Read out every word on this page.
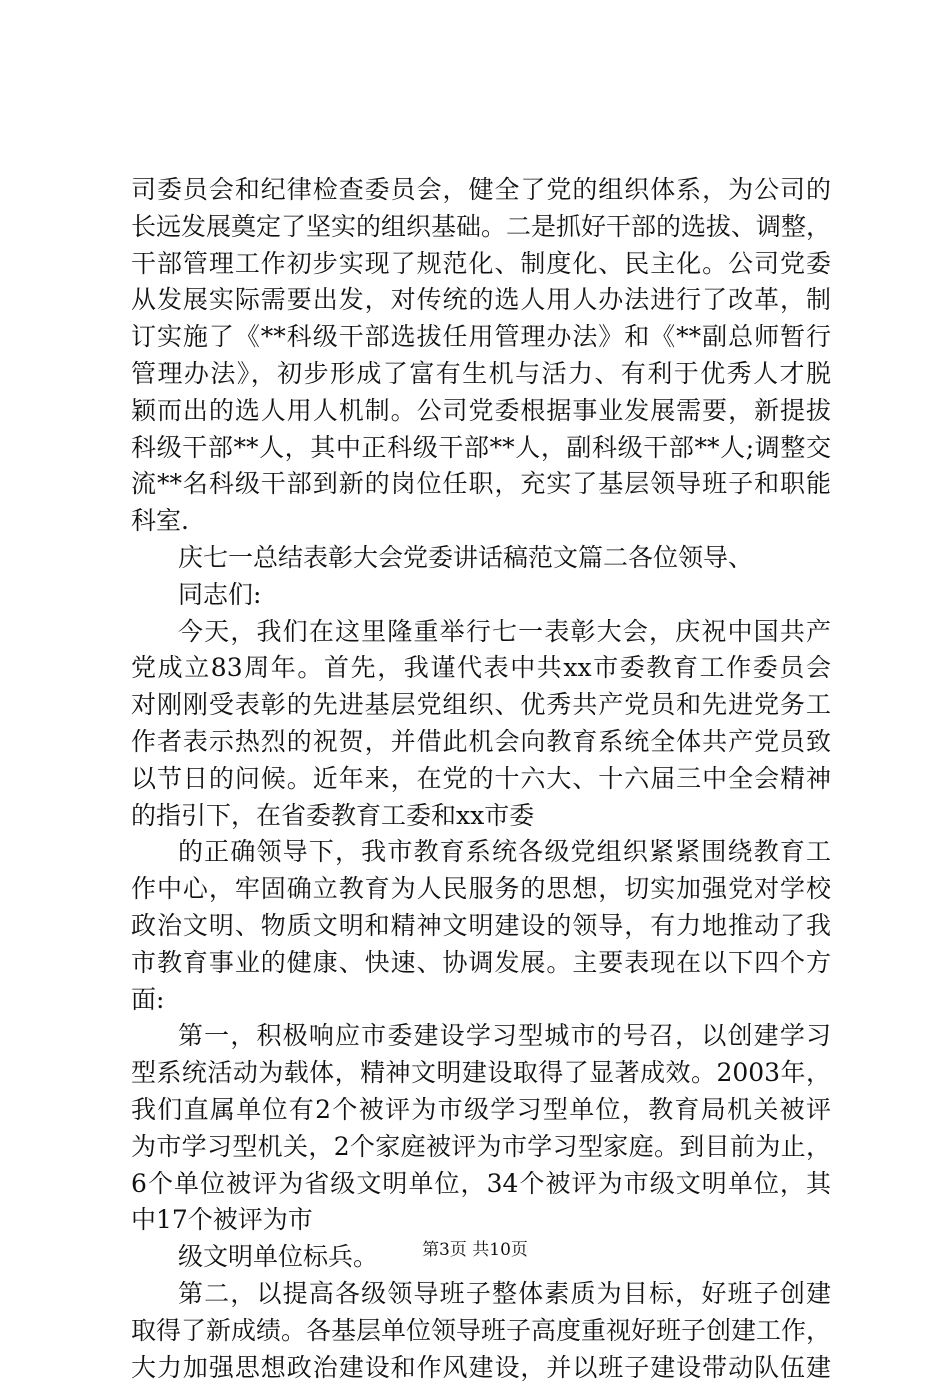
司委员会和纪律检查委员会，健全了党的组织体系，为公司的
长远发展奠定了坚实的组织基础。二是抓好干部的选拔、调整，
干部管理工作初步实现了规范化、制度化、民主化。公司党委
从发展实际需要出发，对传统的选人用人办法进行了改革，制
订实施了《**科级干部选拔任用管理办法》和《**副总师暂行
管理办法》，初步形成了富有生机与活力、有利于优秀人才脱
颖而出的选人用人机制。公司党委根据事业发展需要，新提拔
科级干部**人，其中正科级干部**人，副科级干部**人;调整交
流**名科级干部到新的岗位任职，充实了基层领导班子和职能
科室.
庆七一总结表彰大会党委讲话稿范文篇二各位领导、
同志们:
今天，我们在这里隆重举行七一表彰大会，庆祝中国共产
党成立83周年。首先，我谨代表中共xx市委教育工作委员会
对刚刚受表彰的先进基层党组织、优秀共产党员和先进党务工
作者表示热烈的祝贺，并借此机会向教育系统全体共产党员致
以节日的问候。近年来，在党的十六大、十六届三中全会精神
的指引下，在省委教育工委和xx市委
的正确领导下，我市教育系统各级党组织紧紧围绕教育工
作中心，牢固确立教育为人民服务的思想，切实加强党对学校
政治文明、物质文明和精神文明建设的领导，有力地推动了我
市教育事业的健康、快速、协调发展。主要表现在以下四个方
面:
第一，积极响应市委建设学习型城市的号召，以创建学习
型系统活动为载体，精神文明建设取得了显著成效。2003年，
我们直属单位有2个被评为市级学习型单位，教育局机关被评
为市学习型机关，2个家庭被评为市学习型家庭。到目前为止，
6个单位被评为省级文明单位，34个被评为市级文明单位，其
中17个被评为市
级文明单位标兵。
第二，以提高各级领导班子整体素质为目标，好班子创建
取得了新成绩。各基层单位领导班子高度重视好班子创建工作，
大力加强思想政治建设和作风建设，并以班子建设带动队伍建
第3页 共10页
